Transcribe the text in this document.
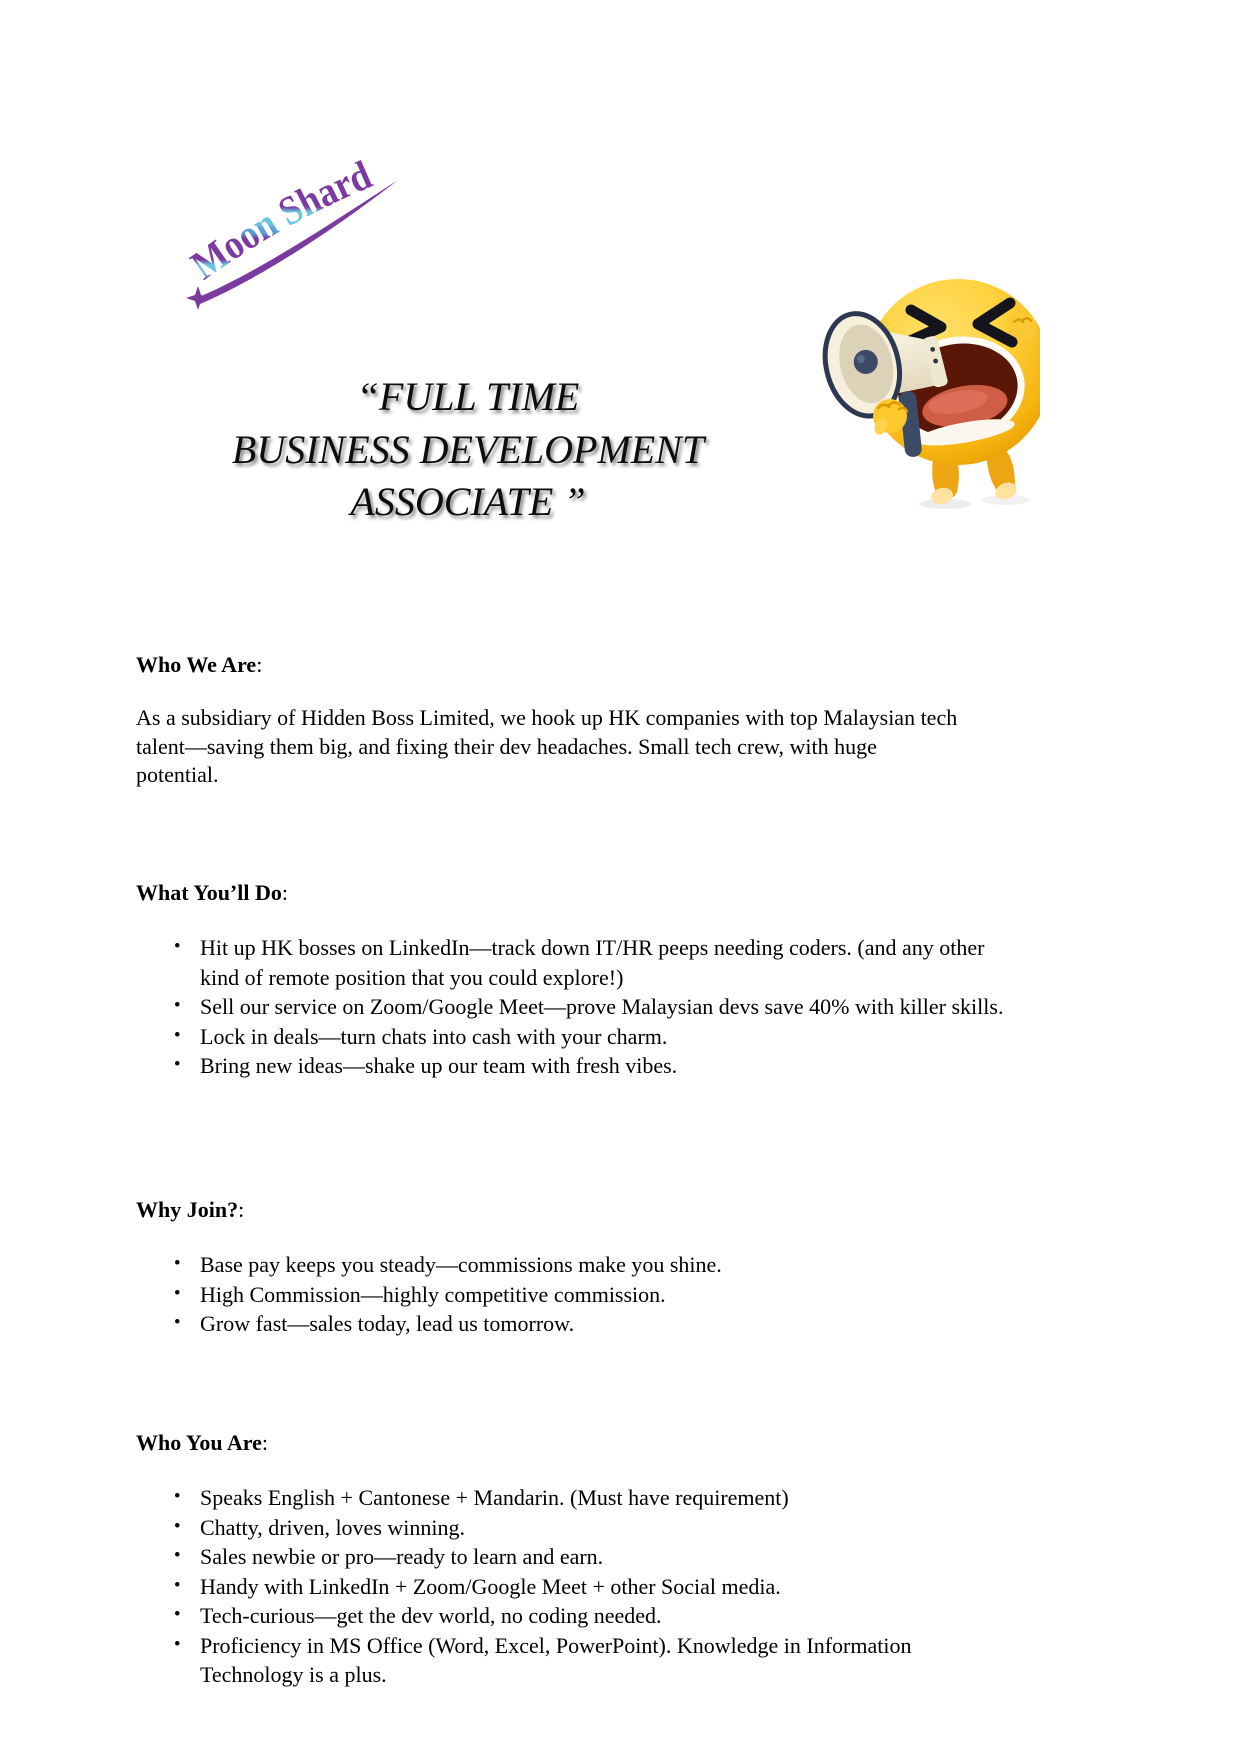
Moon Shard
“FULL TIME
BUSINESS DEVELOPMENT
ASSOCIATE ”
Who We Are:
As a subsidiary of Hidden Boss Limited, we hook up HK companies with top Malaysian tech
talent—saving them big, and fixing their dev headaches. Small tech crew, with huge
potential.
What You’ll Do:
• Hit up HK bosses on LinkedIn—track down IT/HR peeps needing coders. (and any other kind of remote position that you could explore!)
• Sell our service on Zoom/Google Meet—prove Malaysian devs save 40% with killer skills.
• Lock in deals—turn chats into cash with your charm.
• Bring new ideas—shake up our team with fresh vibes.
Why Join?:
• Base pay keeps you steady—commissions make you shine.
• High Commission—highly competitive commission.
• Grow fast—sales today, lead us tomorrow.
Who You Are:
• Speaks English + Cantonese + Mandarin. (Must have requirement)
• Chatty, driven, loves winning.
• Sales newbie or pro—ready to learn and earn.
• Handy with LinkedIn + Zoom/Google Meet + other Social media.
• Tech-curious—get the dev world, no coding needed.
• Proficiency in MS Office (Word, Excel, PowerPoint). Knowledge in Information Technology is a plus.
